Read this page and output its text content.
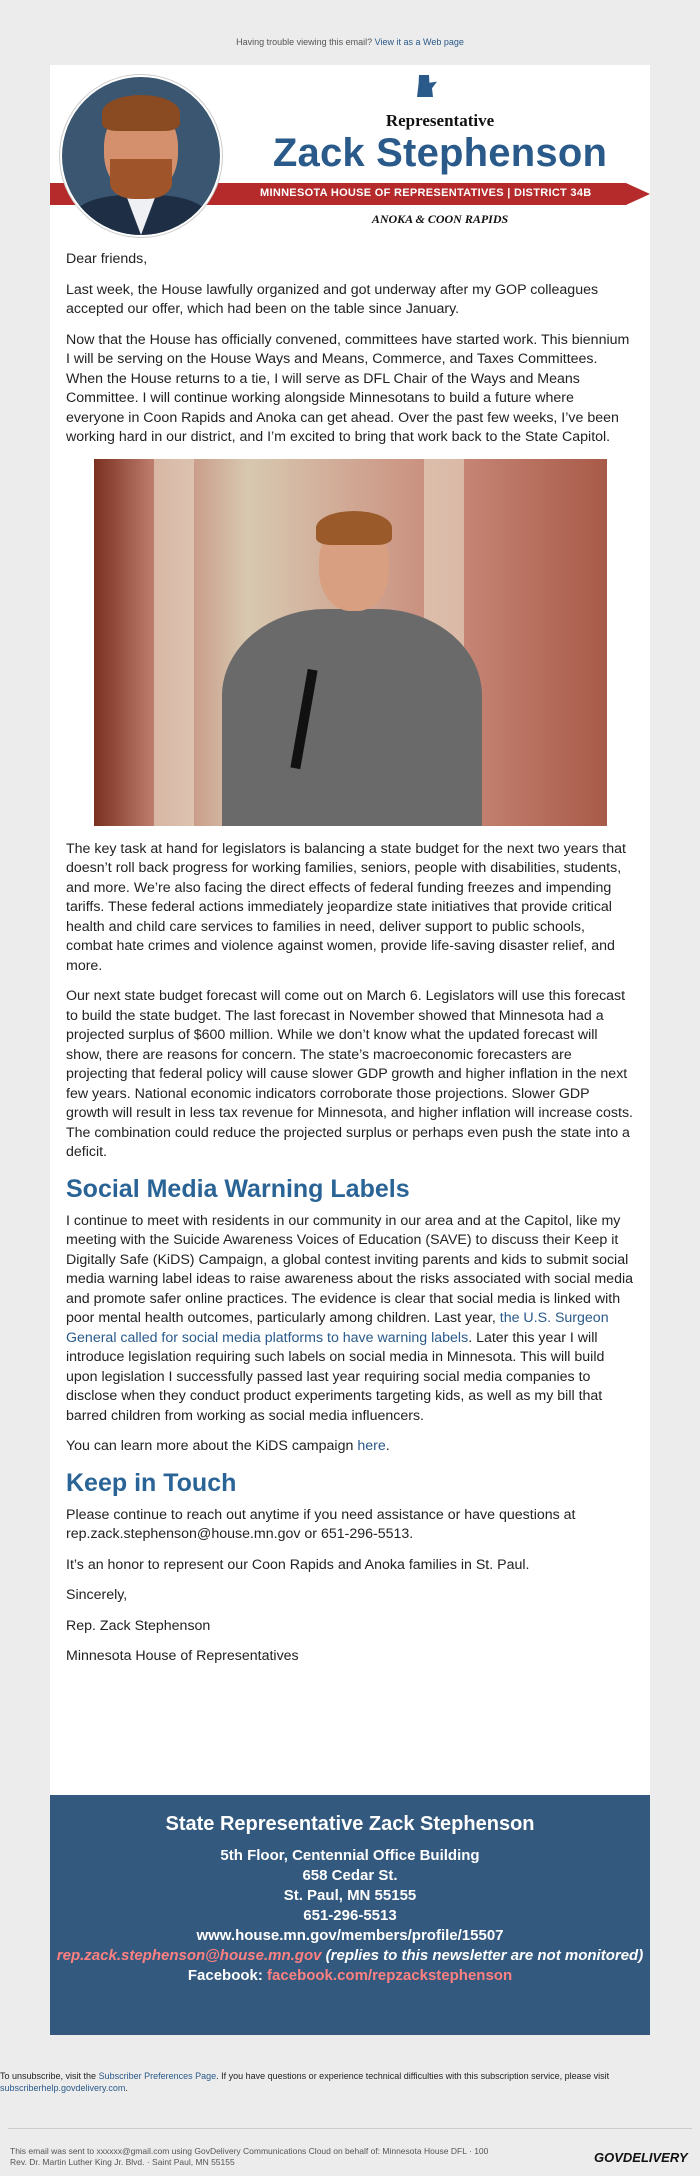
Having trouble viewing this email? View it as a Web page
MINNESOTA HOUSE OF REPRESENTATIVES | DISTRICT 34B
Representative
Zack Stephenson
ANOKA & COON RAPIDS

Dear friends,

Last week, the House lawfully organized and got underway after my GOP colleagues accepted our offer, which had been on the table since January.

Now that the House has officially convened, committees have started work. This biennium I will be serving on the House Ways and Means, Commerce, and Taxes Committees. When the House returns to a tie, I will serve as DFL Chair of the Ways and Means Committee. I will continue working alongside Minnesotans to build a future where everyone in Coon Rapids and Anoka can get ahead. Over the past few weeks, I’ve been working hard in our district, and I’m excited to bring that work back to the State Capitol.

The key task at hand for legislators is balancing a state budget for the next two years that doesn’t roll back progress for working families, seniors, people with disabilities, students, and more. We’re also facing the direct effects of federal funding freezes and impending tariffs. These federal actions immediately jeopardize state initiatives that provide critical health and child care services to families in need, deliver support to public schools, combat hate crimes and violence against women, provide life-saving disaster relief, and more.

Our next state budget forecast will come out on March 6. Legislators will use this forecast to build the state budget. The last forecast in November showed that Minnesota had a projected surplus of $600 million. While we don’t know what the updated forecast will show, there are reasons for concern. The state’s macroeconomic forecasters are projecting that federal policy will cause slower GDP growth and higher inflation in the next few years. National economic indicators corroborate those projections. Slower GDP growth will result in less tax revenue for Minnesota, and higher inflation will increase costs. The combination could reduce the projected surplus or perhaps even push the state into a deficit.

Social Media Warning Labels

I continue to meet with residents in our community in our area and at the Capitol, like my meeting with the Suicide Awareness Voices of Education (SAVE) to discuss their Keep it Digitally Safe (KiDS) Campaign, a global contest inviting parents and kids to submit social media warning label ideas to raise awareness about the risks associated with social media and promote safer online practices. The evidence is clear that social media is linked with poor mental health outcomes, particularly among children. Last year, the U.S. Surgeon General called for social media platforms to have warning labels. Later this year I will introduce legislation requiring such labels on social media in Minnesota. This will build upon legislation I successfully passed last year requiring social media companies to disclose when they conduct product experiments targeting kids, as well as my bill that barred children from working as social media influencers.

You can learn more about the KiDS campaign here.

Keep in Touch

Please continue to reach out anytime if you need assistance or have questions at rep.zack.stephenson@house.mn.gov or 651-296-5513.

It’s an honor to represent our Coon Rapids and Anoka families in St. Paul.

Sincerely,

Rep. Zack Stephenson

Minnesota House of Representatives

State Representative Zack Stephenson
5th Floor, Centennial Office Building
658 Cedar St.
St. Paul, MN 55155
651-296-5513
www.house.mn.gov/members/profile/15507
rep.zack.stephenson@house.mn.gov (replies to this newsletter are not monitored)
Facebook: facebook.com/repzackstephenson
To unsubscribe, visit the Subscriber Preferences Page. If you have questions or experience technical difficulties with this subscription service, please visit subscriberhelp.govdelivery.com.
This email was sent to xxxxxx@gmail.com using GovDelivery Communications Cloud on behalf of: Minnesota House DFL · 100
Rev. Dr. Martin Luther King Jr. Blvd. · Saint Paul, MN 55155	GOVDELIVERY
